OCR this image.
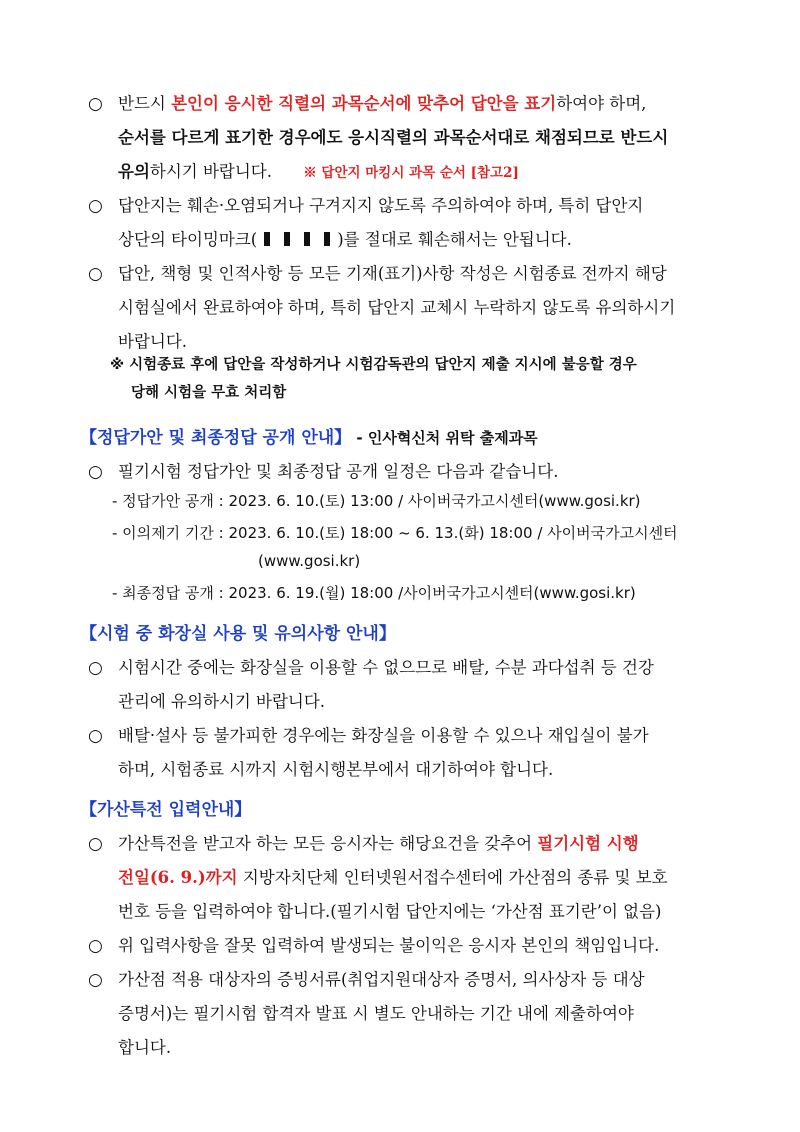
○ 반드시 본인이 응시한 직렬의 과목순서에 맞추어 답안을 표기하여야 하며,
순서를 다르게 표기한 경우에도 응시직렬의 과목순서대로 채점되므로 반드시
유의하시기 바랍니다. ※ 답안지 마킹시 과목 순서 [참고2]
○ 답안지는 훼손·오염되거나 구겨지지 않도록 주의하여야 하며, 특히 답안지
상단의 타이밍마크(	)를 절대로 훼손해서는 안됩니다.
○ 답안, 책형 및 인적사항 등 모든 기재(표기)사항 작성은 시험종료 전까지 해당
시험실에서 완료하여야 하며, 특히 답안지 교체시 누락하지 않도록 유의하시기
바랍니다.
※ 시험종료 후에 답안을 작성하거나 시험감독관의 답안지 제출 지시에 불응할 경우
당해 시험을 무효 처리함
【정답가안 및 최종정답 공개 안내】 - 인사혁신처 위탁 출제과목
○ 필기시험 정답가안 및 최종정답 공개 일정은 다음과 같습니다.
- 정답가안 공개 : 2023. 6. 10.(토) 13:00 / 사이버국가고시센터(www.gosi.kr)
- 이의제기 기간 : 2023. 6. 10.(토) 18:00 ~ 6. 13.(화) 18:00 / 사이버국가고시센터
(www.gosi.kr)
- 최종정답 공개 : 2023. 6. 19.(월) 18:00 /사이버국가고시센터(www.gosi.kr)
【시험 중 화장실 사용 및 유의사항 안내】
○ 시험시간 중에는 화장실을 이용할 수 없으므로 배탈, 수분 과다섭취 등 건강
관리에 유의하시기 바랍니다.
○ 배탈·설사 등 불가피한 경우에는 화장실을 이용할 수 있으나 재입실이 불가
하며, 시험종료 시까지 시험시행본부에서 대기하여야 합니다.
【가산특전 입력안내】
○ 가산특전을 받고자 하는 모든 응시자는 해당요건을 갖추어 필기시험 시행
전일(6. 9.)까지 지방자치단체 인터넷원서접수센터에 가산점의 종류 및 보호
번호 등을 입력하여야 합니다.(필기시험 답안지에는 ‘가산점 표기란’이 없음)
○ 위 입력사항을 잘못 입력하여 발생되는 불이익은 응시자 본인의 책임입니다.
○ 가산점 적용 대상자의 증빙서류(취업지원대상자 증명서, 의사상자 등 대상
증명서)는 필기시험 합격자 발표 시 별도 안내하는 기간 내에 제출하여야
합니다.
